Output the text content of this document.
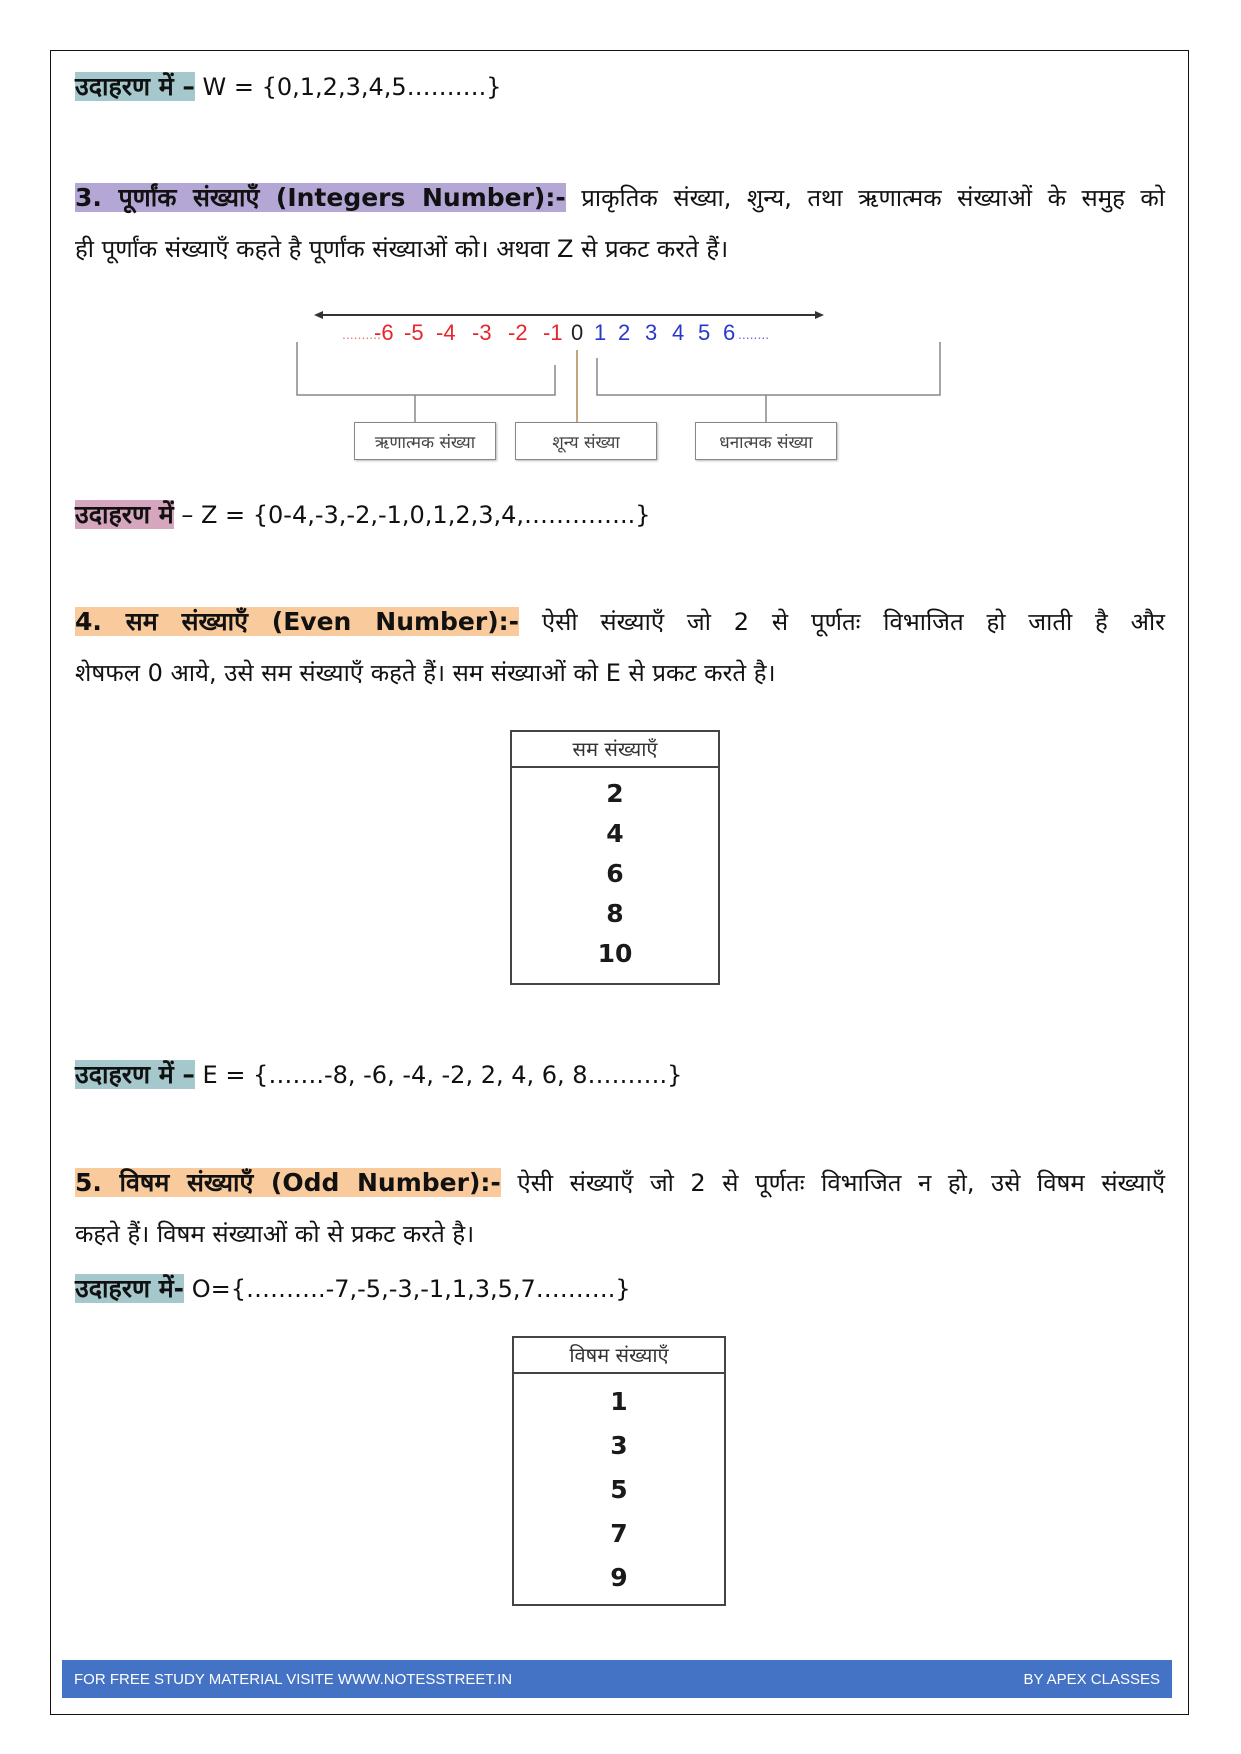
उदाहरण में – W = {0,1,2,3,4,5……….}
3. पूर्णांक संख्याएँ (Integers Number):- प्राकृतिक संख्या, शुन्य, तथा ऋणात्मक संख्याओं के समुह को
ही पूर्णांक संख्याएँ कहते है पूर्णांक संख्याओं को। अथवा Z से प्रकट करते हैं।
..........
-6 -5 -4 -3 -2 -1 0 1 2 3 4 5 6 ........
ऋणात्मक संख्या	शून्य संख्या	धनात्मक संख्या
उदाहरण में – Z = {0-4,-3,-2,-1,0,1,2,3,4,…………..}
4. सम संख्याएँ (Even Number):- ऐसी संख्याएँ जो 2 से पूर्णतः विभाजित हो जाती है और
शेषफल 0 आये, उसे सम संख्याएँ कहते हैं। सम संख्याओं को E से प्रकट करते है।
सम संख्याएँ
2
4
6
8
10
उदाहरण में – E = {…….-8, -6, -4, -2, 2, 4, 6, 8……….}
5. विषम संख्याएँ (Odd Number):- ऐसी संख्याएँ जो 2 से पूर्णतः विभाजित न हो, उसे विषम संख्याएँ
कहते हैं। विषम संख्याओं को से प्रकट करते है।
उदाहरण में- O={……….-7,-5,-3,-1,1,3,5,7……….}
विषम संख्याएँ
1
3
5
7
9
FOR FREE STUDY MATERIAL VISITE WWW.NOTESSTREET.IN	BY APEX CLASSES
